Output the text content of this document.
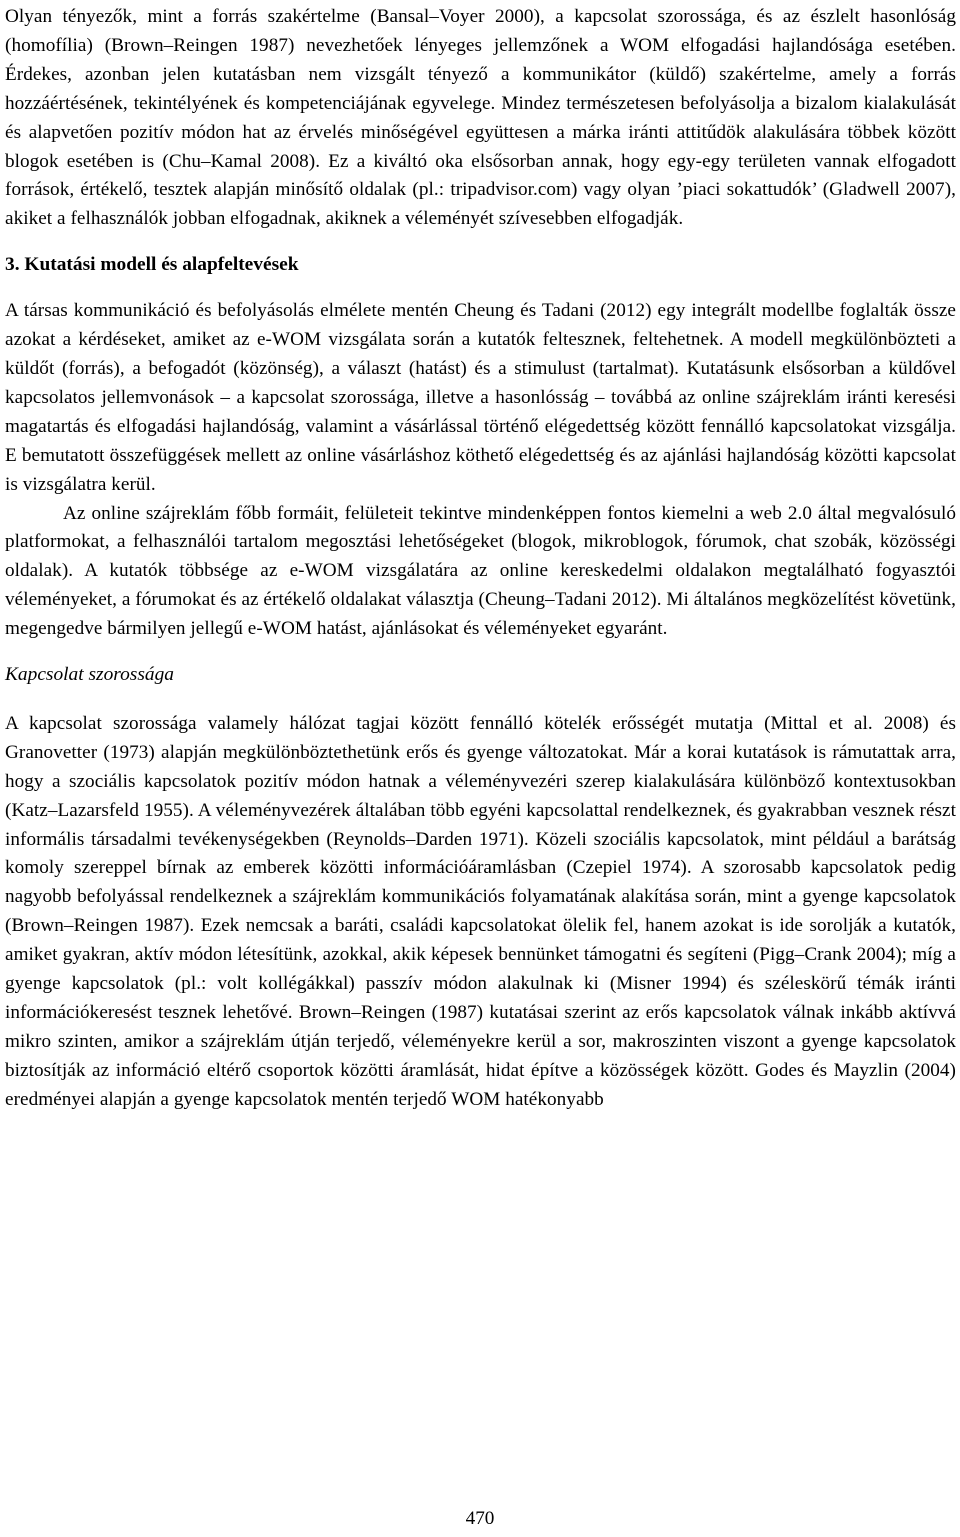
Olyan tényezők, mint a forrás szakértelme (Bansal–Voyer 2000), a kapcsolat szorossága, és az észlelt hasonlóság (homofília) (Brown–Reingen 1987) nevezhetőek lényeges jellemzőnek a WOM elfogadási hajlandósága esetében. Érdekes, azonban jelen kutatásban nem vizsgált tényező a kommunikátor (küldő) szakértelme, amely a forrás hozzáértésének, tekintélyének és kompetenciájának egyvelege. Mindez természetesen befolyásolja a bizalom kialakulását és alapvetően pozitív módon hat az érvelés minőségével együttesen a márka iránti attitűdök alakulására többek között blogok esetében is (Chu–Kamal 2008). Ez a kiváltó oka elsősorban annak, hogy egy-egy területen vannak elfogadott források, értékelő, tesztek alapján minősítő oldalak (pl.: tripadvisor.com) vagy olyan ’piaci sokattudók’ (Gladwell 2007), akiket a felhasználók jobban elfogadnak, akiknek a véleményét szívesebben elfogadják.

3. Kutatási modell és alapfeltevések

A társas kommunikáció és befolyásolás elmélete mentén Cheung és Tadani (2012) egy integrált modellbe foglalták össze azokat a kérdéseket, amiket az e-WOM vizsgálata során a kutatók feltesznek, feltehetnek. A modell megkülönbözteti a küldőt (forrás), a befogadót (közönség), a választ (hatást) és a stimulust (tartalmat). Kutatásunk elsősorban a küldővel kapcsolatos jellemvonások – a kapcsolat szorossága, illetve a hasonlósság – továbbá az online szájreklám iránti keresési magatartás és elfogadási hajlandóság, valamint a vásárlással történő elégedettség között fennálló kapcsolatokat vizsgálja. E bemutatott összefüggések mellett az online vásárláshoz köthető elégedettség és az ajánlási hajlandóság közötti kapcsolat is vizsgálatra kerül.

Az online szájreklám főbb formáit, felületeit tekintve mindenképpen fontos kiemelni a web 2.0 által megvalósuló platformokat, a felhasználói tartalom megosztási lehetőségeket (blogok, mikroblogok, fórumok, chat szobák, közösségi oldalak). A kutatók többsége az e-WOM vizsgálatára az online kereskedelmi oldalakon megtalálható fogyasztói véleményeket, a fórumokat és az értékelő oldalakat választja (Cheung–Tadani 2012). Mi általános megközelítést követünk, megengedve bármilyen jellegű e-WOM hatást, ajánlásokat és véleményeket egyaránt.

Kapcsolat szorossága

A kapcsolat szorossága valamely hálózat tagjai között fennálló kötelék erősségét mutatja (Mittal et al. 2008) és Granovetter (1973) alapján megkülönböztethetünk erős és gyenge változatokat. Már a korai kutatások is rámutattak arra, hogy a szociális kapcsolatok pozitív módon hatnak a véleményvezéri szerep kialakulására különböző kontextusokban (Katz–Lazarsfeld 1955). A véleményvezérek általában több egyéni kapcsolattal rendelkeznek, és gyakrabban vesznek részt informális társadalmi tevékenységekben (Reynolds–Darden 1971). Közeli szociális kapcsolatok, mint például a barátság komoly szereppel bírnak az emberek közötti információáramlásban (Czepiel 1974). A szorosabb kapcsolatok pedig nagyobb befolyással rendelkeznek a szájreklám kommunikációs folyamatának alakítása során, mint a gyenge kapcsolatok (Brown–Reingen 1987). Ezek nemcsak a baráti, családi kapcsolatokat ölelik fel, hanem azokat is ide sorolják a kutatók, amiket gyakran, aktív módon létesítünk, azokkal, akik képesek bennünket támogatni és segíteni (Pigg–Crank 2004); míg a gyenge kapcsolatok (pl.: volt kollégákkal) passzív módon alakulnak ki (Misner 1994) és széleskörű témák iránti információkeresést tesznek lehetővé. Brown–Reingen (1987) kutatásai szerint az erős kapcsolatok válnak inkább aktívvá mikro szinten, amikor a szájreklám útján terjedő, véleményekre kerül a sor, makroszinten viszont a gyenge kapcsolatok biztosítják az információ eltérő csoportok közötti áramlását, hidat építve a közösségek között. Godes és Mayzlin (2004) eredményei alapján a gyenge kapcsolatok mentén terjedő WOM hatékonyabb

470
